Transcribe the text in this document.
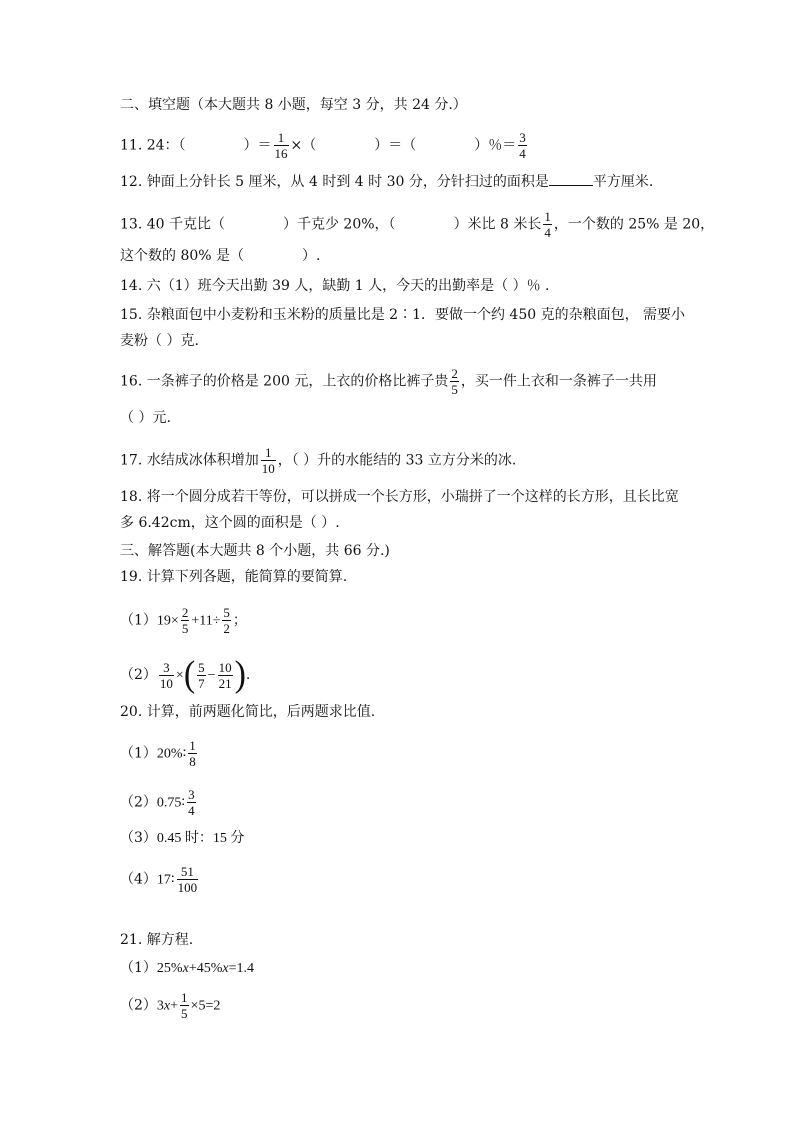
二、填空题（本大题共 8 小题，每空 3 分，共 24 分.）
11. 24：（	）＝ $\frac{1}{16}$ ×（	）＝（	）％＝ $\frac{3}{4}$
12. 钟面上分针长 5 厘米，从 4 时到 4 时 30 分，分针扫过的面积是	平方厘米.
13. 40 千克比（	）千克少 20%，（	）米比 8 米长 $\frac{1}{4}$ ，一个数的 25% 是 20，
这个数的 80% 是（	）.
14. 六（1）班今天出勤 39 人，缺勤 1 人，今天的出勤率是（ ）％ .
15. 杂粮面包中小麦粉和玉米粉的质量比是 2∶1．要做一个约 450 克的杂粮面包， 需要小
麦粉（ ）克.
16. 一条裤子的价格是 200 元，上衣的价格比裤子贵 $\frac{2}{5}$ ，买一件上衣和一条裤子一共用
（ ）元.
17. 水结成冰体积增加 $\frac{1}{10}$ ，（ ）升的水能结的 33 立方分米的冰.
18. 将一个圆分成若干等份，可以拼成一个长方形，小瑞拼了一个这样的长方形，且长比宽
多 6.42cm，这个圆的面积是（ ）.
三、解答题(本大题共 8 个小题，共 66 分.)
19. 计算下列各题，能简算的要简算.
$(1)19\times \frac{2}{5} +11\div \frac{5}{2}$ ；
$(2) \frac{3}{10}$ ×( $\frac{5}{7} - \frac{10}{21}$ ).
20. 计算，前两题化简比，后两题求比值.
（1）20%∶ $\frac{1}{8}$
（2）0.75∶ $\frac{3}{4}$
（3）0.45 时：15 分
（4）17∶ $\frac{51}{100}$
21. 解方程.
（1）25%x+45%x=1.4
$(2)3x+ \frac{1}{5} \times 5=2$
